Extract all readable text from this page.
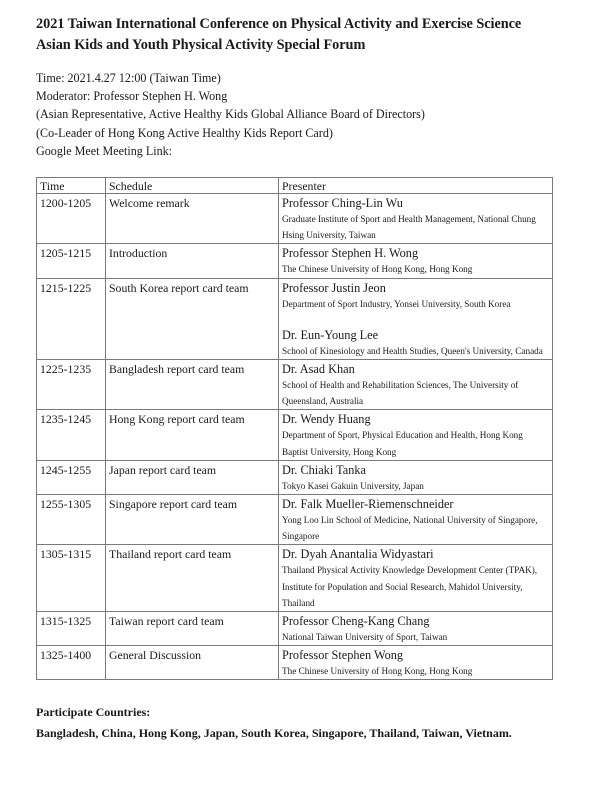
2021 Taiwan International Conference on Physical Activity and Exercise Science
Asian Kids and Youth Physical Activity Special Forum
Time: 2021.4.27 12:00 (Taiwan Time)
Moderator: Professor Stephen H. Wong
(Asian Representative, Active Healthy Kids Global Alliance Board of Directors)
(Co-Leader of Hong Kong Active Healthy Kids Report Card)
Google Meet Meeting Link:
Time	Schedule	Presenter
1200-1205	Welcome remark	Professor Ching-Lin Wu
Graduate Institute of Sport and Health Management, National Chung Hsing University, Taiwan

1205-1215	Introduction	Professor Stephen H. Wong
The Chinese University of Hong Kong, Hong Kong

1215-1225	South Korea report card team	Professor Justin Jeon
Department of Sport Industry, Yonsei University, South Korea
Dr. Eun-Young Lee
School of Kinesiology and Health Studies, Queen's University, Canada

1225-1235	Bangladesh report card team	Dr. Asad Khan
School of Health and Rehabilitation Sciences, The University of Queensland, Australia

1235-1245	Hong Kong report card team	Dr. Wendy Huang
Department of Sport, Physical Education and Health, Hong Kong Baptist University, Hong Kong

1245-1255	Japan report card team	Dr. Chiaki Tanka
Tokyo Kasei Gakuin University, Japan

1255-1305	Singapore report card team	Dr. Falk Mueller-Riemenschneider
Yong Loo Lin School of Medicine, National University of Singapore, Singapore

1305-1315	Thailand report card team	Dr. Dyah Anantalia Widyastari
Thailand Physical Activity Knowledge Development Center (TPAK), Institute for Population and Social Research, Mahidol University, Thailand

1315-1325	Taiwan report card team	Professor Cheng-Kang Chang
National Taiwan University of Sport, Taiwan

1325-1400	General Discussion	Professor Stephen Wong
The Chinese University of Hong Kong, Hong Kong
Participate Countries:
Bangladesh, China, Hong Kong, Japan, South Korea, Singapore, Thailand, Taiwan, Vietnam.
